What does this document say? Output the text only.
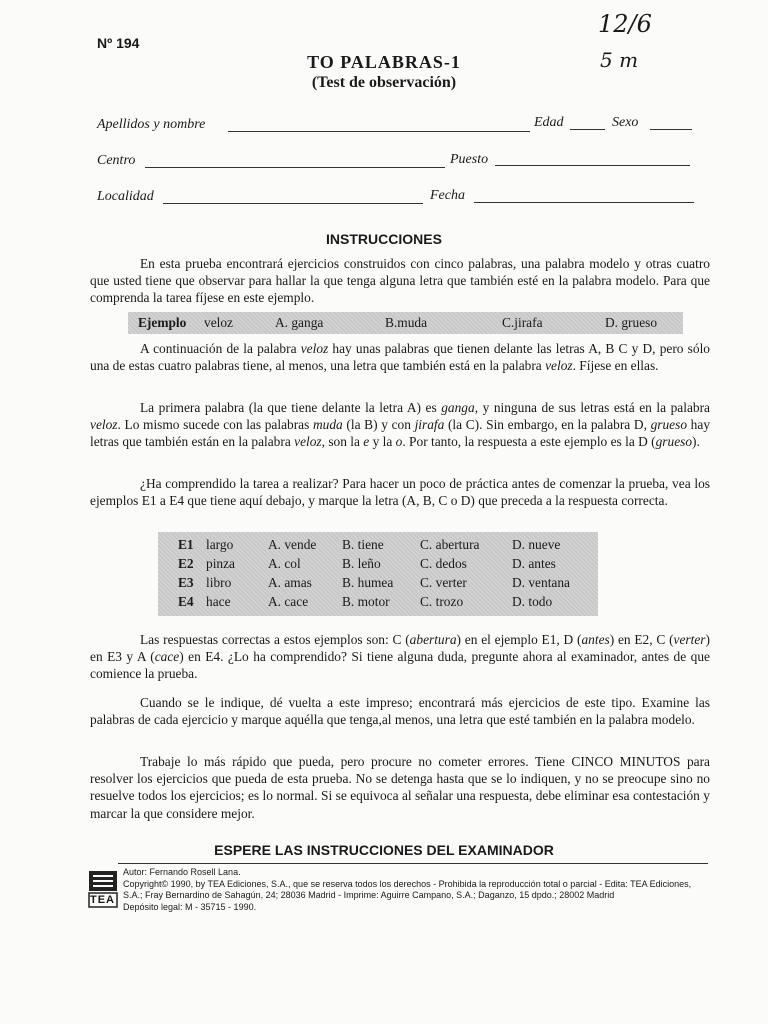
Nº 194
TO PALABRAS-1
(Test de observación)
12/6
5 m
Apellidos y nombre	Edad	Sexo
Centro	Puesto
Localidad	Fecha
INSTRUCCIONES

En esta prueba encontrará ejercicios construidos con cinco palabras, una palabra modelo y otras cuatro que usted tiene que observar para hallar la que tenga alguna letra que también esté en la palabra modelo. Para que comprenda la tarea fíjese en este ejemplo.

Ejemplo veloz	A. ganga	B.muda	C.jirafa	D. grueso

A continuación de la palabra veloz hay unas palabras que tienen delante las letras A, B C y D, pero sólo una de estas cuatro palabras tiene, al menos, una letra que también está en la palabra veloz. Fíjese en ellas.

La primera palabra (la que tiene delante la letra A) es ganga, y ninguna de sus letras está en la palabra veloz. Lo mismo sucede con las palabras muda (la B) y con jirafa (la C). Sin embargo, en la palabra D, grueso hay letras que también están en la palabra veloz, son la e y la o. Por tanto, la respuesta a este ejemplo es la D (grueso).

¿Ha comprendido la tarea a realizar? Para hacer un poco de práctica antes de comenzar la prueba, vea los ejemplos E1 a E4 que tiene aquí debajo, y marque la letra (A, B, C o D) que preceda a la respuesta correcta.

E1	largo	A. vende	B. tiene	C. abertura	D. nueve
E2	pinza	A. col	B. leño	C. dedos	D. antes
E3	libro	A. amas	B. humea	C. verter	D. ventana
E4	hace	A. cace	B. motor	C. trozo	D. todo

Las respuestas correctas a estos ejemplos son: C (abertura) en el ejemplo E1, D (antes) en E2, C (verter) en E3 y A (cace) en E4. ¿Lo ha comprendido? Si tiene alguna duda, pregunte ahora al examinador, antes de que comience la prueba.

Cuando se le indique, dé vuelta a este impreso; encontrará más ejercicios de este tipo. Examine las palabras de cada ejercicio y marque aquélla que tenga,al menos, una letra que esté también en la palabra modelo.

Trabaje lo más rápido que pueda, pero procure no cometer errores. Tiene CINCO MINUTOS para resolver los ejercicios que pueda de esta prueba. No se detenga hasta que se lo indiquen, y no se preocupe sino no resuelve todos los ejercicios; es lo normal. Si se equivoca al señalar una respuesta, debe eliminar esa contestación y marcar la que considere mejor.

ESPERE LAS INSTRUCCIONES DEL EXAMINADOR
TEA
Autor: Fernando Rosell Lana.
Copyright© 1990, by TEA Ediciones, S.A., que se reserva todos los derechos - Prohibida la reproducción total o parcial - Edita: TEA Ediciones, S.A.; Fray Bernardino de Sahagún, 24; 28036 Madrid - Imprime: Aguirre Campano, S.A.; Daganzo, 15 dpdo.; 28002 Madrid
Depósito legal: M - 35715 - 1990.
